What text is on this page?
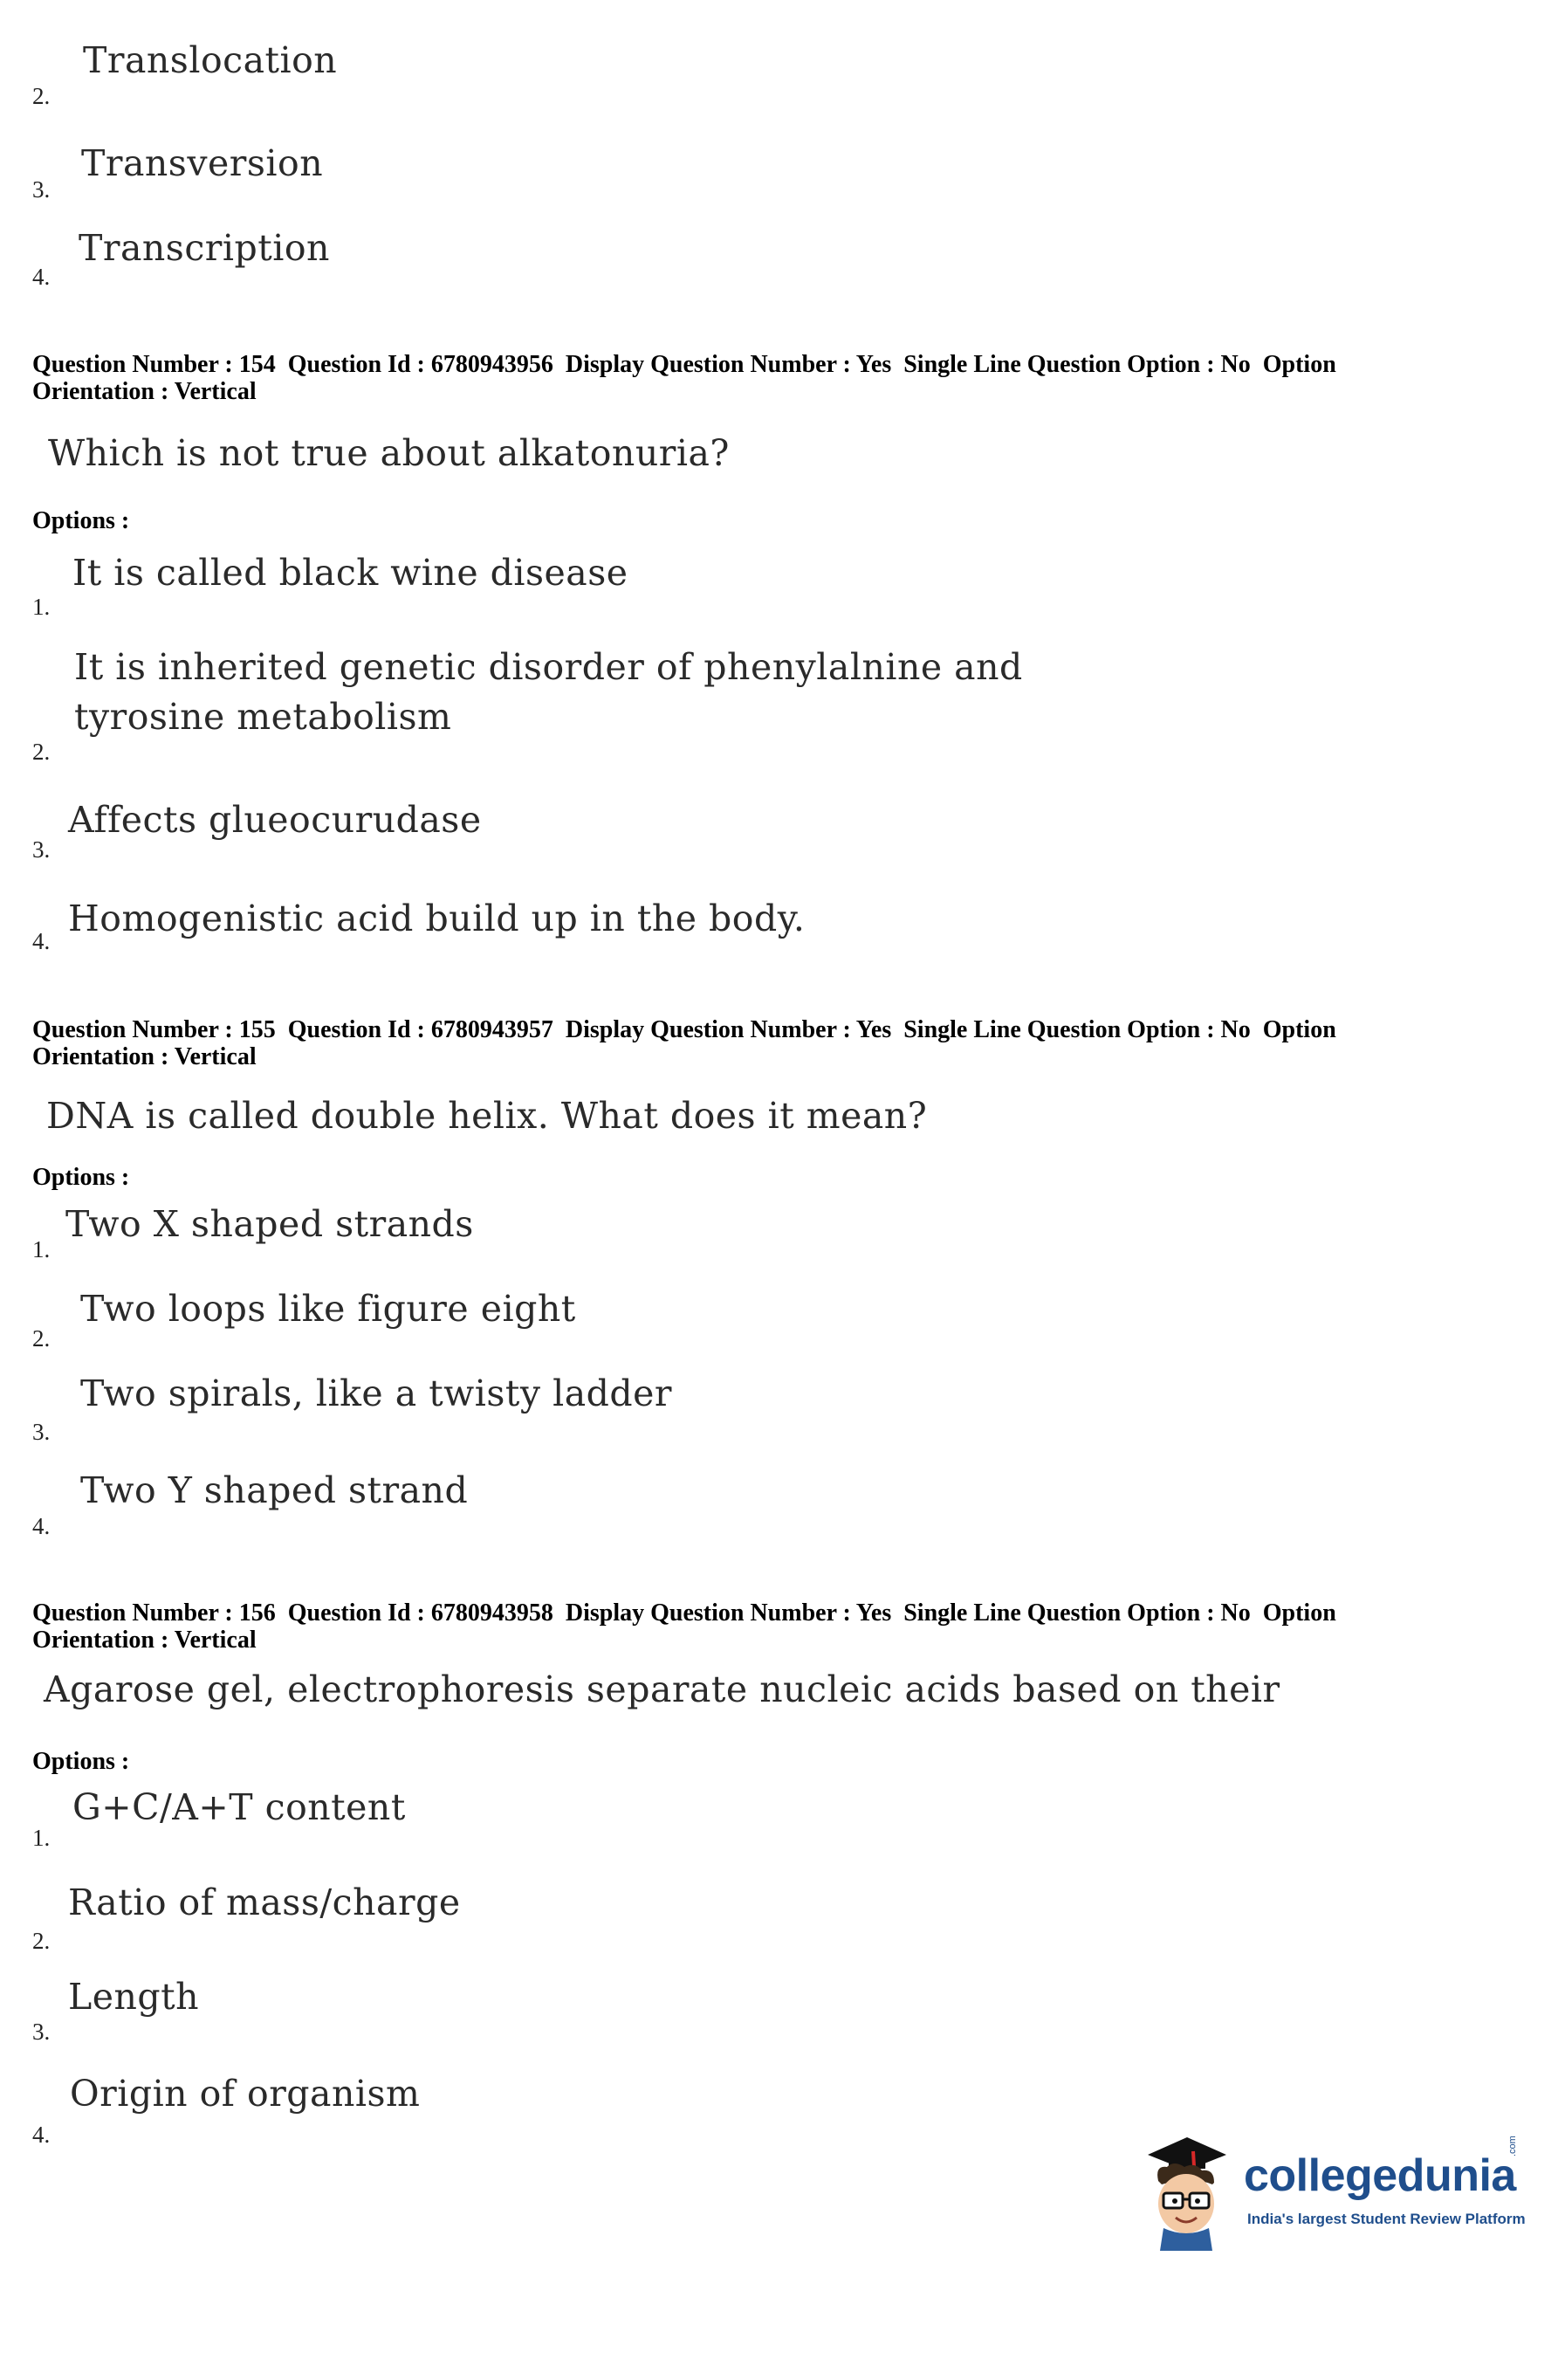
Translocation
2.
Transversion
3.
Transcription
4.
Question Number : 154  Question Id : 6780943956  Display Question Number : Yes  Single Line Question Option : No  Option
Orientation : Vertical
Which is not true about alkatonuria?
Options :
It is called black wine disease
1.
It is inherited genetic disorder of phenylalnine and
tyrosine metabolism
2.
Affects glueocurudase
3.
Homogenistic acid build up in the body.
4.
Question Number : 155  Question Id : 6780943957  Display Question Number : Yes  Single Line Question Option : No  Option
Orientation : Vertical
DNA is called double helix. What does it mean?
Options :
Two X shaped strands
1.
Two loops like figure eight
2.
Two spirals, like a twisty ladder
3.
Two Y shaped strand
4.
Question Number : 156  Question Id : 6780943958  Display Question Number : Yes  Single Line Question Option : No  Option
Orientation : Vertical
Agarose gel, electrophoresis separate nucleic acids based on their
Options :
G+C/A+T content
1.
Ratio of mass/charge
2.
Length
3.
Origin of organism
4.
collegedunia
.com
India's largest Student Review Platform
